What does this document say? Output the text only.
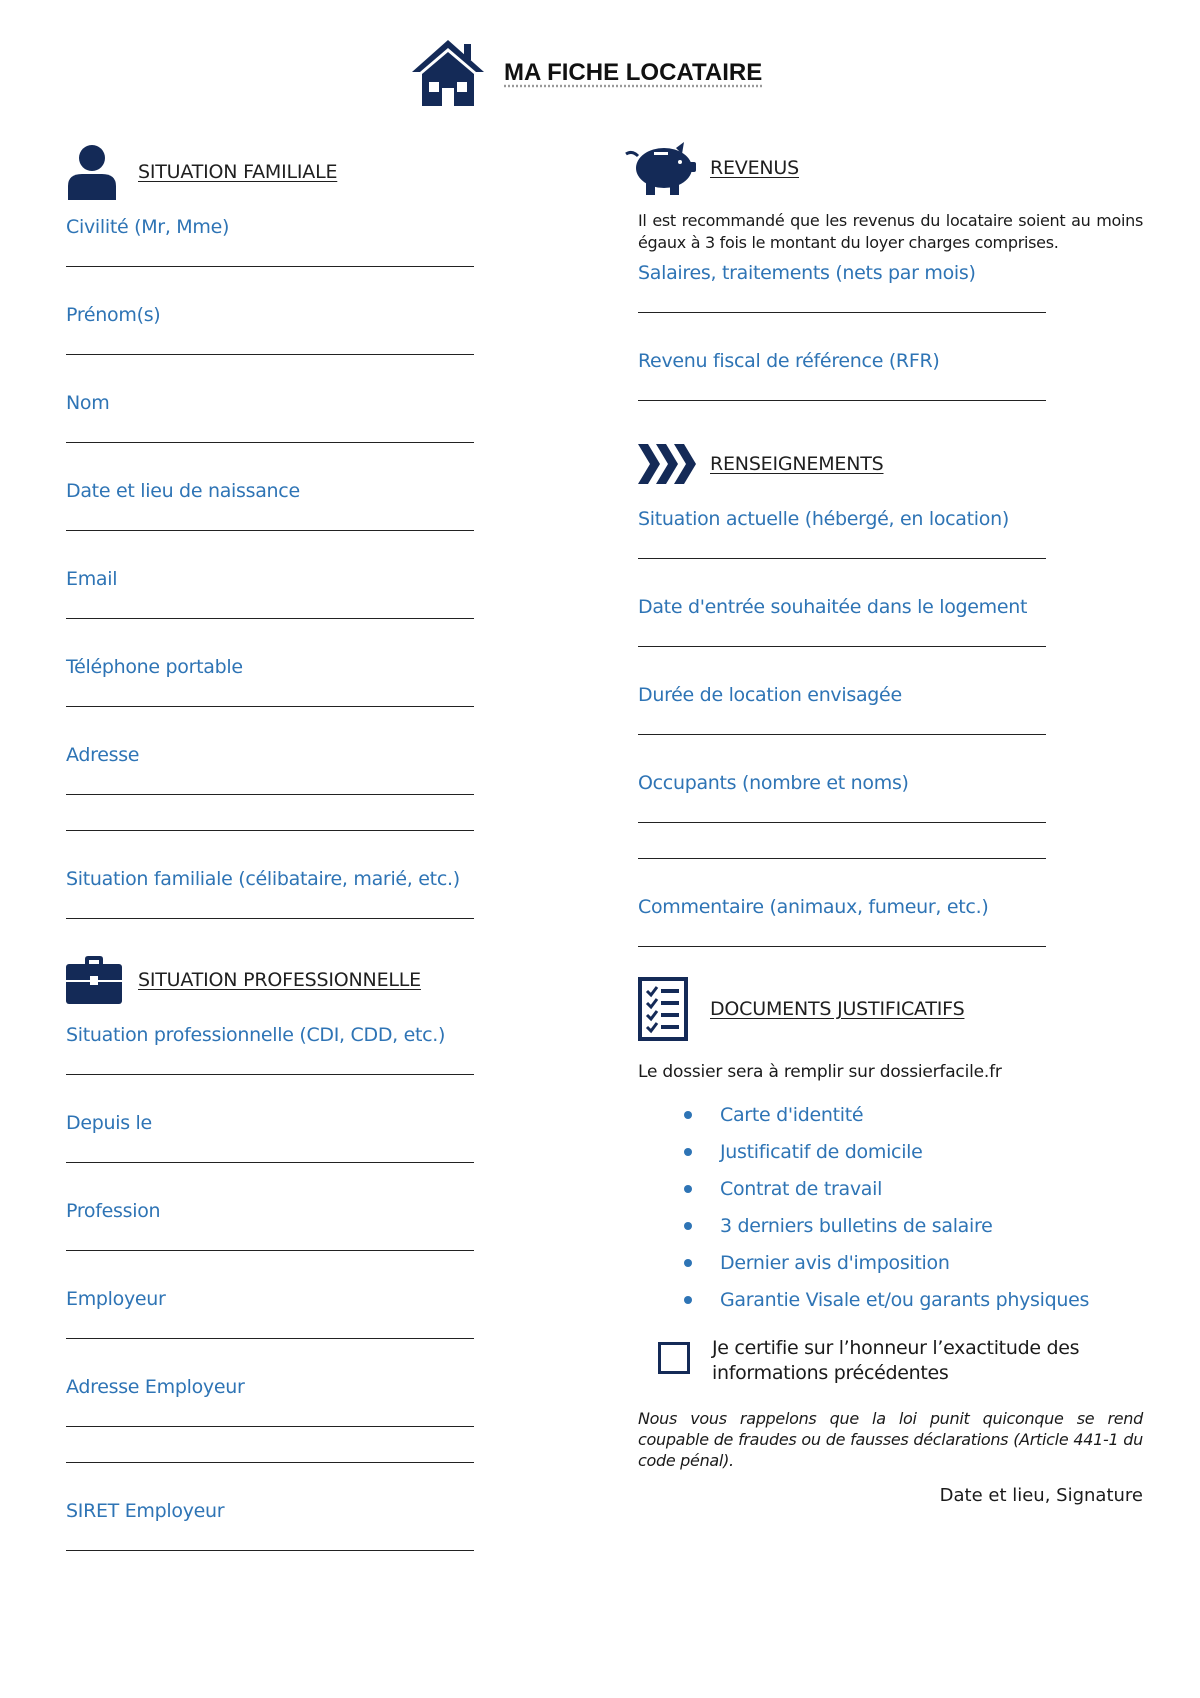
MA FICHE LOCATAIRE
SITUATION FAMILIALE
Civilité (Mr, Mme)
Prénom(s)
Nom
Date et lieu de naissance
Email
Téléphone portable
Adresse
Situation familiale (célibataire, marié, etc.)
SITUATION PROFESSIONNELLE
Situation professionnelle (CDI, CDD, etc.)
Depuis le
Profession
Employeur
Adresse Employeur
SIRET Employeur
REVENUS
Il est recommandé que les revenus du locataire soient au moins égaux à 3 fois le montant du loyer charges comprises.
Salaires, traitements (nets par mois)
Revenu fiscal de référence (RFR)
RENSEIGNEMENTS
Situation actuelle (hébergé, en location)
Date d'entrée souhaitée dans le logement
Durée de location envisagée
Occupants (nombre et noms)
Commentaire (animaux, fumeur, etc.)
DOCUMENTS JUSTIFICATIFS
Le dossier sera à remplir sur dossierfacile.fr
Carte d'identité
Justificatif de domicile
Contrat de travail
3 derniers bulletins de salaire
Dernier avis d'imposition
Garantie Visale et/ou garants physiques
Je certifie sur l’honneur l’exactitude des informations précédentes
Nous vous rappelons que la loi punit quiconque se rend coupable de fraudes ou de fausses déclarations (Article 441-1 du code pénal).
Date et lieu, Signature
